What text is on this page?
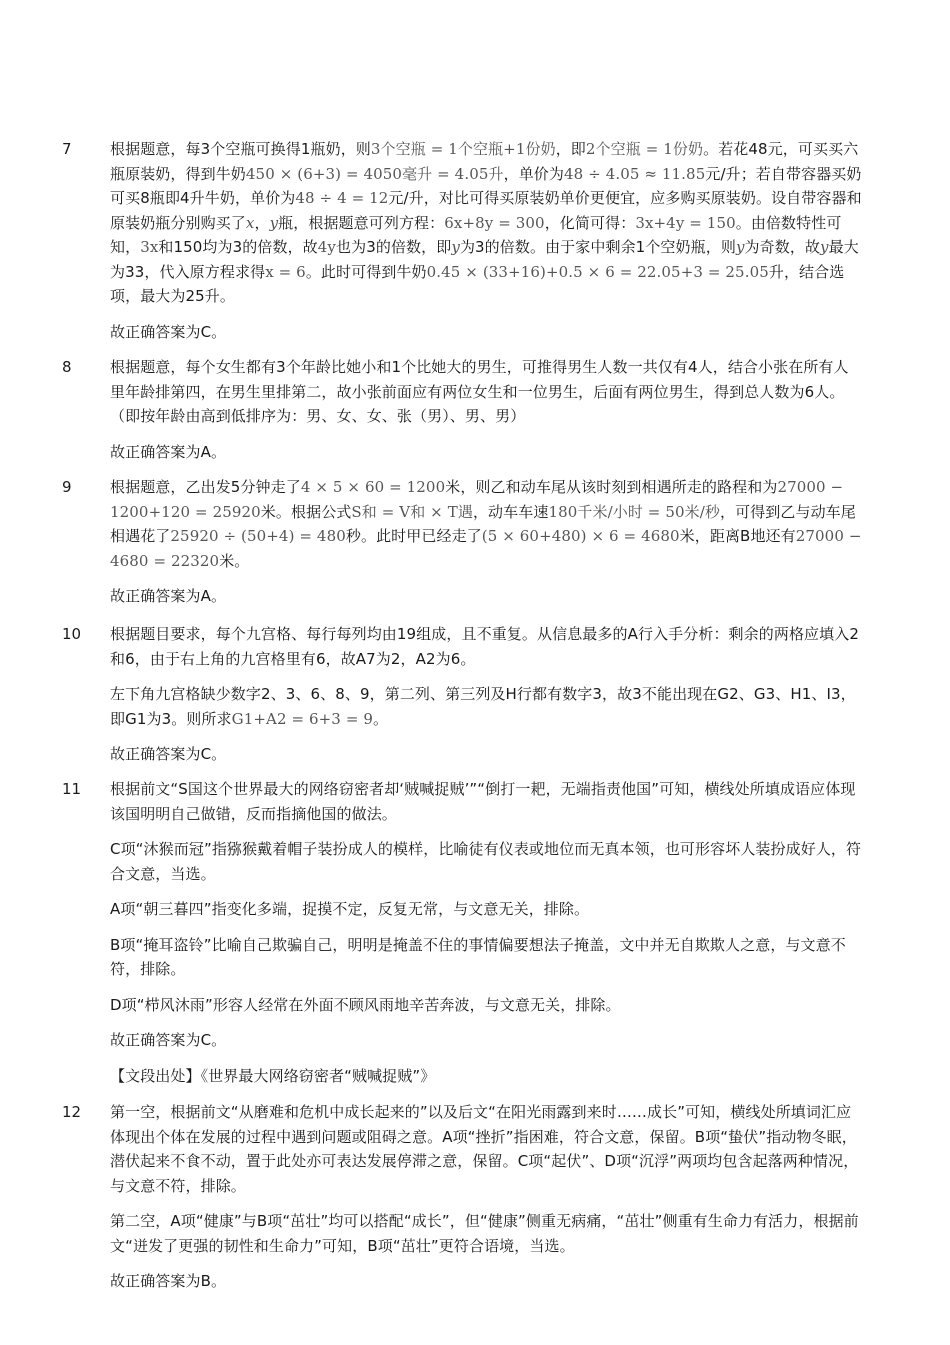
7	根据题意，每3个空瓶可换得1瓶奶，则3个空瓶 = 1个空瓶+1份奶，即2个空瓶 = 1份奶。若花48元，可买买六瓶原装奶，得到牛奶450 × (6+3) = 4050毫升 = 4.05升，单价为48 ÷ 4.05 ≈ 11.85元/升；若自带容器买奶可买8瓶即4升牛奶，单价为48 ÷ 4 = 12元/升，对比可得买原装奶单价更便宜，应多购买原装奶。设自带容器和原装奶瓶分别购买了x，y瓶，根据题意可列方程：6x+8y = 300，化简可得：3x+4y = 150。由倍数特性可知，3x和150均为3的倍数，故4y也为3的倍数，即y为3的倍数。由于家中剩余1个空奶瓶，则y为奇数，故y最大为33，代入原方程求得x = 6。此时可得到牛奶0.45 × (33+16)+0.5 × 6 = 22.05+3 = 25.05升，结合选项，最大为25升。

故正确答案为C。

8	根据题意，每个女生都有3个年龄比她小和1个比她大的男生，可推得男生人数一共仅有4人，结合小张在所有人里年龄排第四，在男生里排第二，故小张前面应有两位女生和一位男生，后面有两位男生，得到总人数为6人。（即按年龄由高到低排序为：男、女、女、张（男）、男、男）

故正确答案为A。

9	根据题意，乙出发5分钟走了4 × 5 × 60 = 1200米，则乙和动车尾从该时刻到相遇所走的路程和为27000 − 1200+120 = 25920米。根据公式S和 = V和 × T遇，动车车速180千米/小时 = 50米/秒，可得到乙与动车尾相遇花了25920 ÷ (50+4) = 480秒。此时甲已经走了(5 × 60+480) × 6 = 4680米，距离B地还有27000 − 4680 = 22320米。

故正确答案为A。

10 根据题目要求，每个九宫格、每行每列均由19组成，且不重复。从信息最多的A行入手分析：剩余的两格应填入2和6，由于右上角的九宫格里有6，故A7为2，A2为6。

左下角九宫格缺少数字2、3、6、8、9，第二列、第三列及H行都有数字3，故3不能出现在G2、G3、H1、I3，即G1为3。则所求G1+A2 = 6+3 = 9。

故正确答案为C。

11 根据前文“S国这个世界最大的网络窃密者却‘贼喊捉贼’”“倒打一耙，无端指责他国”可知，横线处所填成语应体现该国明明自己做错，反而指摘他国的做法。

C项“沐猴而冠”指猕猴戴着帽子装扮成人的模样，比喻徒有仪表或地位而无真本领，也可形容坏人装扮成好人，符合文意，当选。

A项“朝三暮四”指变化多端，捉摸不定，反复无常，与文意无关，排除。

B项“掩耳盗铃”比喻自己欺骗自己，明明是掩盖不住的事情偏要想法子掩盖，文中并无自欺欺人之意，与文意不符，排除。

D项“栉风沐雨”形容人经常在外面不顾风雨地辛苦奔波，与文意无关，排除。

故正确答案为C。

【文段出处】《世界最大网络窃密者“贼喊捉贼”》

12 第一空，根据前文“从磨难和危机中成长起来的”以及后文“在阳光雨露到来时……成长”可知，横线处所填词汇应体现出个体在发展的过程中遇到问题或阻碍之意。A项“挫折”指困难，符合文意，保留。B项“蛰伏”指动物冬眠，潜伏起来不食不动，置于此处亦可表达发展停滞之意，保留。C项“起伏”、D项“沉浮”两项均包含起落两种情况，与文意不符，排除。

第二空，A项“健康”与B项“茁壮”均可以搭配“成长”，但“健康”侧重无病痛，“茁壮”侧重有生命力有活力，根据前文“迸发了更强的韧性和生命力”可知，B项“茁壮”更符合语境，当选。

故正确答案为B。
